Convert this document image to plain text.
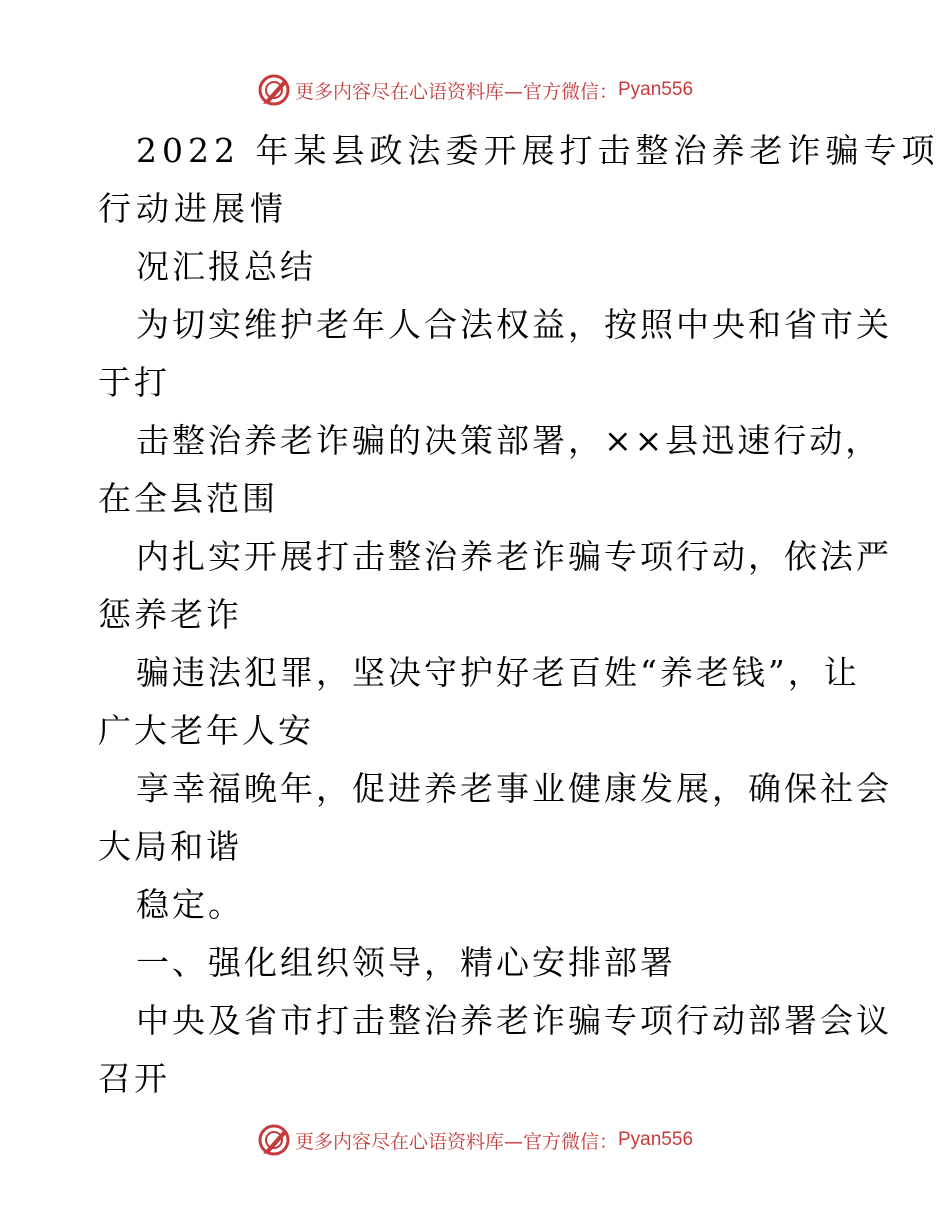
更多内容尽在心语资料库—官方微信： Pyan556
2022 年某县政法委开展打击整治养老诈骗专项
行动进展情
况汇报总结
为切实维护老年人合法权益，按照中央和省市关
于打
击整治养老诈骗的决策部署，××县迅速行动，
在全县范围
内扎实开展打击整治养老诈骗专项行动，依法严
惩养老诈
骗违法犯罪，坚决守护好老百姓“养老钱”，让
广大老年人安
享幸福晚年，促进养老事业健康发展，确保社会
大局和谐
稳定。
一、强化组织领导，精心安排部署
中央及省市打击整治养老诈骗专项行动部署会议
召开
更多内容尽在心语资料库—官方微信： Pyan556
